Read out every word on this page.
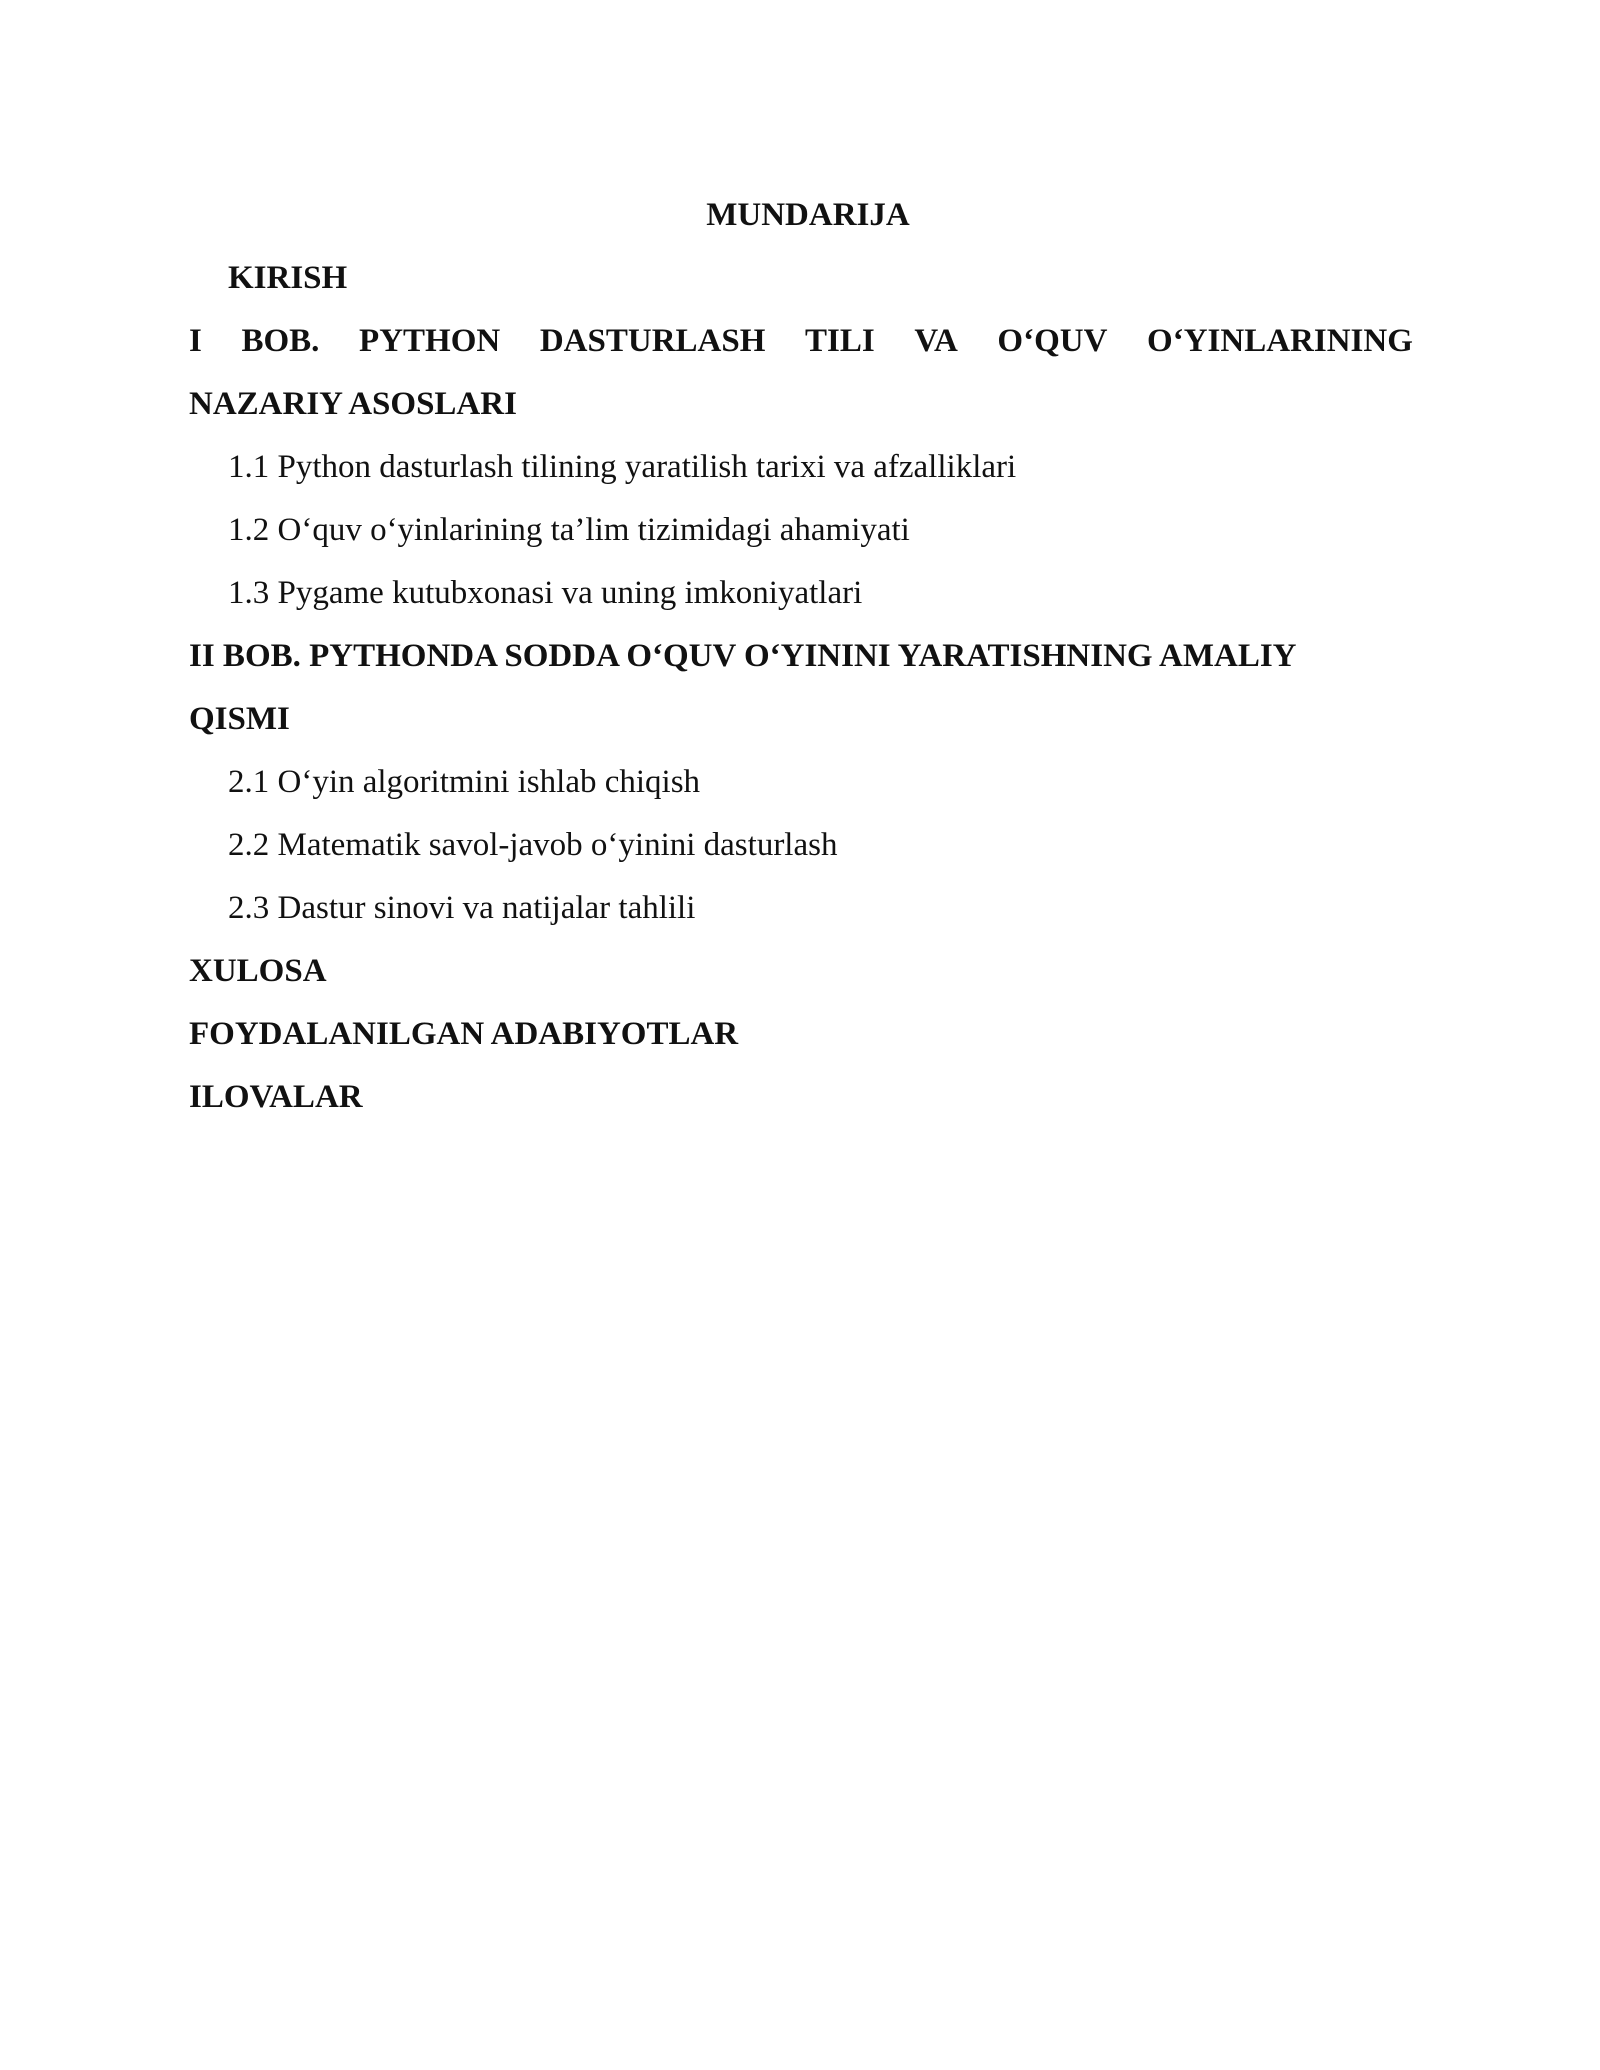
MUNDARIJA
KIRISH
I BOB. PYTHON DASTURLASH TILI VA O‘QUV O‘YINLARINING
NAZARIY ASOSLARI
1.1 Python dasturlash tilining yaratilish tarixi va afzalliklari
1.2 O‘quv o‘yinlarining ta’lim tizimidagi ahamiyati
1.3 Pygame kutubxonasi va uning imkoniyatlari
II BOB. PYTHONDA SODDA O‘QUV O‘YININI YARATISHNING AMALIY
QISMI
2.1 O‘yin algoritmini ishlab chiqish
2.2 Matematik savol-javob o‘yinini dasturlash
2.3 Dastur sinovi va natijalar tahlili
XULOSA
FOYDALANILGAN ADABIYOTLAR
ILOVALAR
